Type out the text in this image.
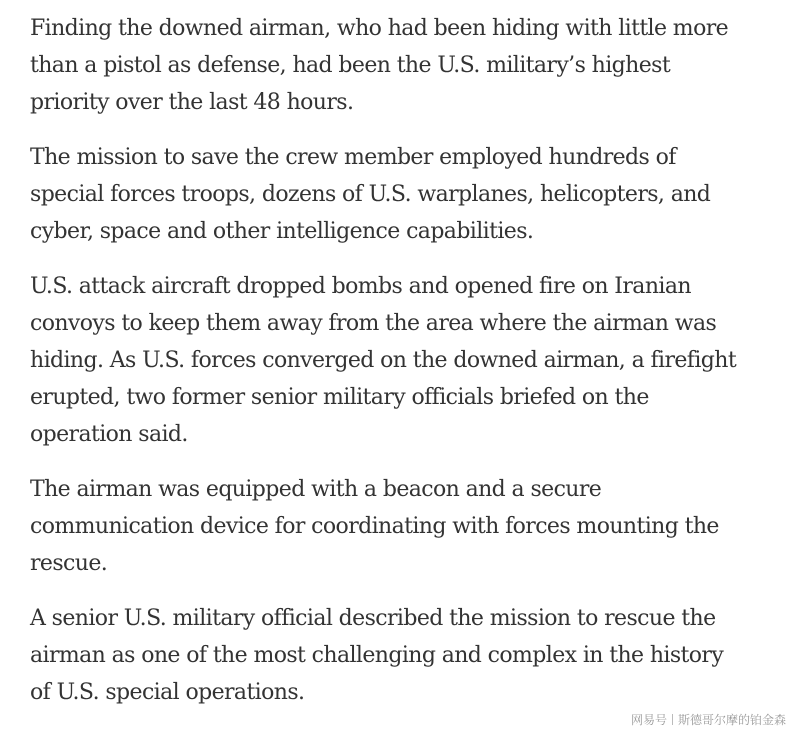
Finding the downed airman, who had been hiding with little more
than a pistol as defense, had been the U.S. military’s highest
priority over the last 48 hours.

The mission to save the crew member employed hundreds of
special forces troops, dozens of U.S. warplanes, helicopters, and
cyber, space and other intelligence capabilities.

U.S. attack aircraft dropped bombs and opened fire on Iranian
convoys to keep them away from the area where the airman was
hiding. As U.S. forces converged on the downed airman, a firefight
erupted, two former senior military officials briefed on the
operation said.

The airman was equipped with a beacon and a secure
communication device for coordinating with forces mounting the
rescue.

A senior U.S. military official described the mission to rescue the
airman as one of the most challenging and complex in the history
of U.S. special operations.

网易号 斯德哥尔摩的铂金森
